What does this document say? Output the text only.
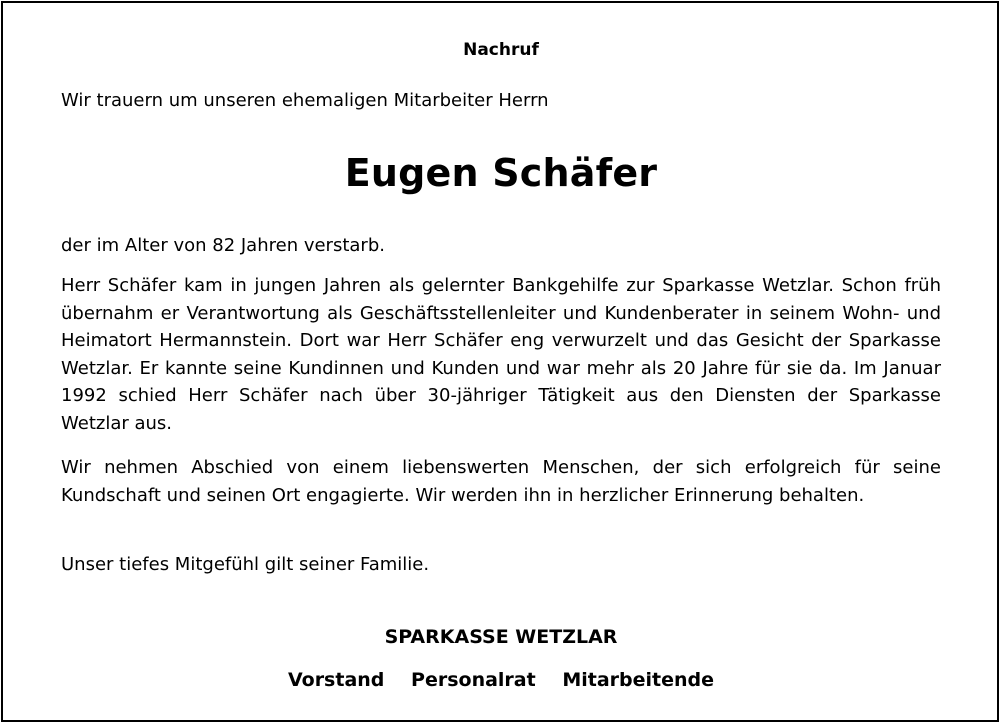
Nachruf
Wir trauern um unseren ehemaligen Mitarbeiter Herrn
Eugen Schäfer
der im Alter von 82 Jahren verstarb.
Herr Schäfer kam in jungen Jahren als gelernter Bankgehilfe zur Sparkasse Wetzlar. Schon früh übernahm er Verantwortung als Geschäftsstellenleiter und Kundenberater in seinem Wohn- und Heimatort Hermannstein. Dort war Herr Schäfer eng verwurzelt und das Gesicht der Sparkasse Wetzlar. Er kannte seine Kundinnen und Kunden und war mehr als 20 Jahre für sie da. Im Januar 1992 schied Herr Schäfer nach über 30-jähriger Tätigkeit aus den Diensten der Sparkasse Wetzlar aus.
Wir nehmen Abschied von einem liebenswerten Menschen, der sich erfolgreich für seine Kundschaft und seinen Ort engagierte. Wir werden ihn in herzlicher Erinnerung behalten.
Unser tiefes Mitgefühl gilt seiner Familie.
SPARKASSE WETZLAR
Vorstand Personalrat Mitarbeitende
